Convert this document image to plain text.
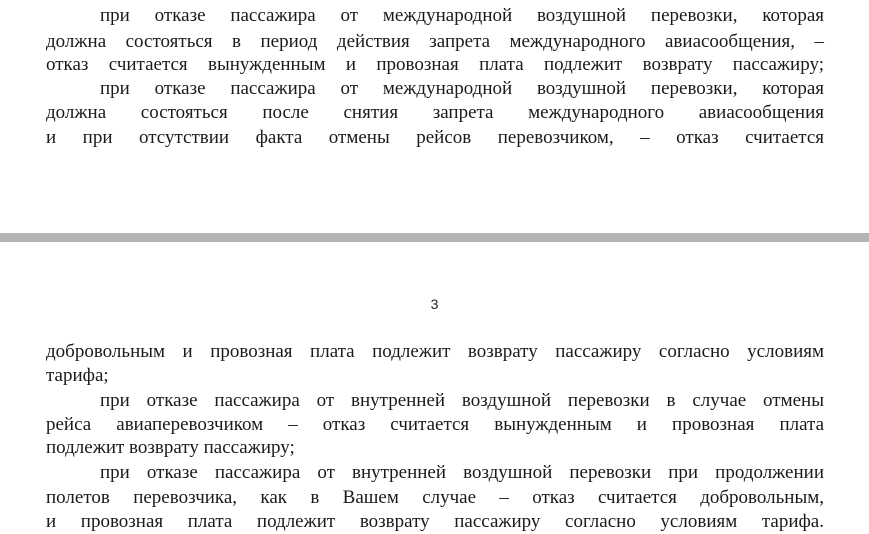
при отказе пассажира от международной воздушной перевозки, которая
должна состояться в период действия запрета международного авиасообщения, –
отказ считается вынужденным и провозная плата подлежит возврату пассажиру;
при отказе пассажира от международной воздушной перевозки, которая
должна состояться после снятия запрета международного авиасообщения
и при отсутствии факта отмены рейсов перевозчиком, – отказ считается
3
добровольным и провозная плата подлежит возврату пассажиру согласно условиям
тарифа;
при отказе пассажира от внутренней воздушной перевозки в случае отмены
рейса авиаперевозчиком – отказ считается вынужденным и провозная плата
подлежит возврату пассажиру;
при отказе пассажира от внутренней воздушной перевозки при продолжении
полетов перевозчика, как в Вашем случае – отказ считается добровольным,
и провозная плата подлежит возврату пассажиру согласно условиям тарифа.
